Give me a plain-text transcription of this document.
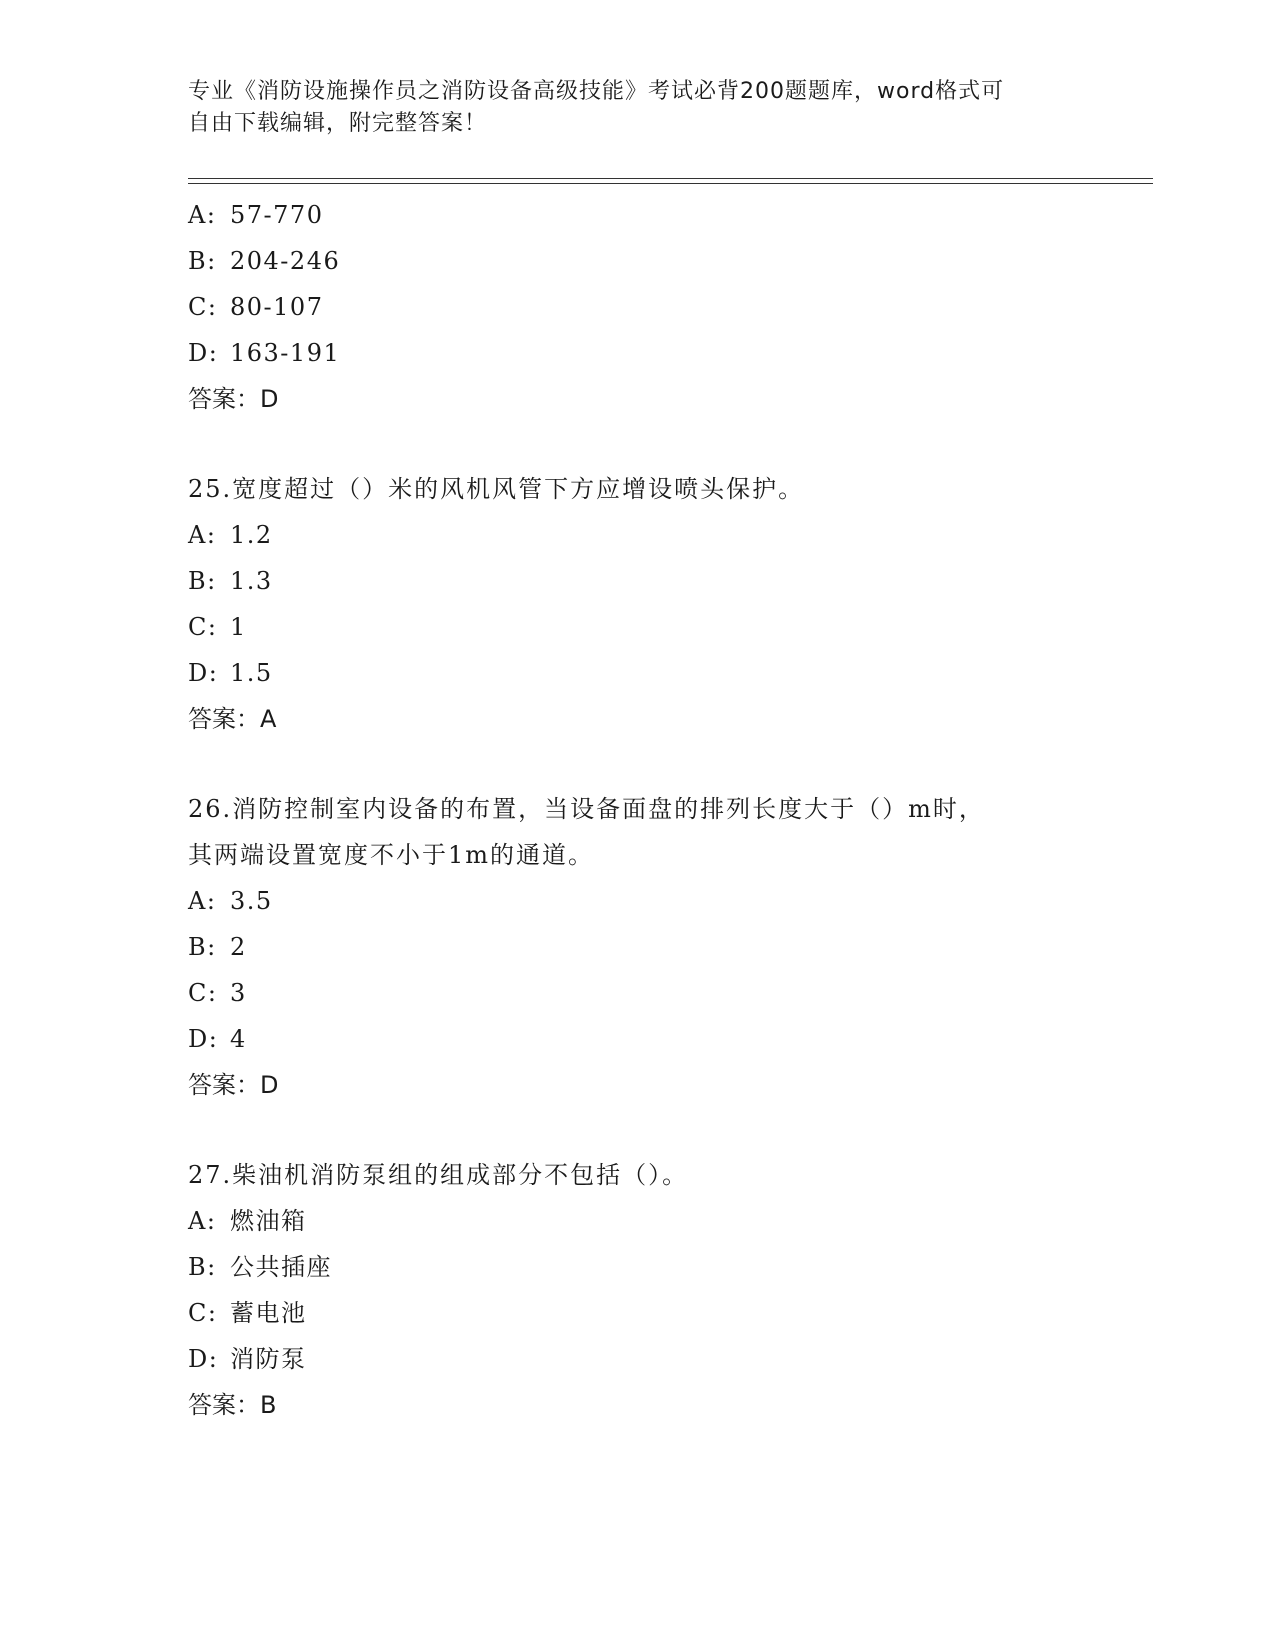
专业《消防设施操作员之消防设备高级技能》考试必背200题题库，word格式可
自由下载编辑，附完整答案！
A: 57-770
B: 204-246
C: 80-107
D: 163-191
答案：D
25.宽度超过（）米的风机风管下方应增设喷头保护。
A: 1.2
B: 1.3
C: 1
D: 1.5
答案：A
26.消防控制室内设备的布置，当设备面盘的排列长度大于（）m时，
其两端设置宽度不小于1m的通道。
A: 3.5
B: 2
C: 3
D: 4
答案：D
27.柴油机消防泵组的组成部分不包括（）。
A: 燃油箱
B: 公共插座
C: 蓄电池
D: 消防泵
答案：B
